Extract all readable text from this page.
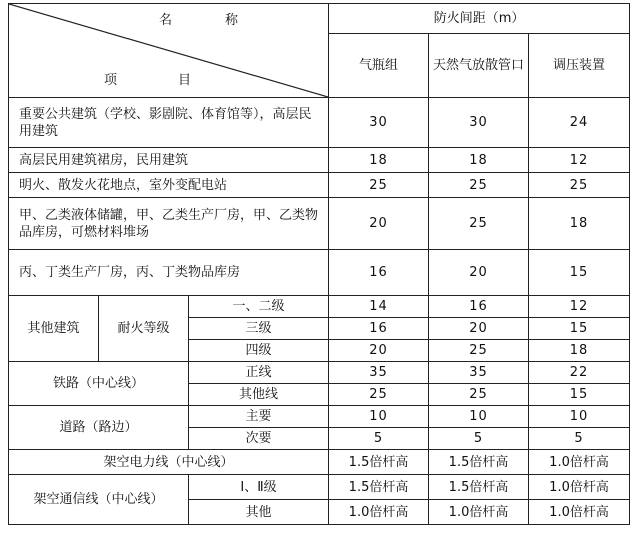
名　称
项　目			防火间距（m）		
			气瓶组	天然气放散管口	调压装置
重要公共建筑（学校、影剧院、体育馆等），高层民用建筑			30	30	24
高层民用建筑裙房，民用建筑			18	18	12
明火、散发火花地点，室外变配电站			25	25	25
甲、乙类液体储罐，甲、乙类生产厂房，甲、乙类物品库房，可燃材料堆场			20	25	18
丙、丁类生产厂房，丙、丁类物品库房			16	20	15
其他建筑	耐火等级	一、二级	14	16	12
		三级	16	20	15
		四级	20	25	18
铁路（中心线）		正线	35	35	22
		其他线	25	25	15
道路（路边）		主要	10	10	10
		次要	5	5	5
架空电力线（中心线）			1.5倍杆高	1.5倍杆高	1.0倍杆高
架空通信线（中心线）		Ⅰ、Ⅱ级	1.5倍杆高	1.5倍杆高	1.0倍杆高
		其他	1.0倍杆高	1.0倍杆高	1.0倍杆高
